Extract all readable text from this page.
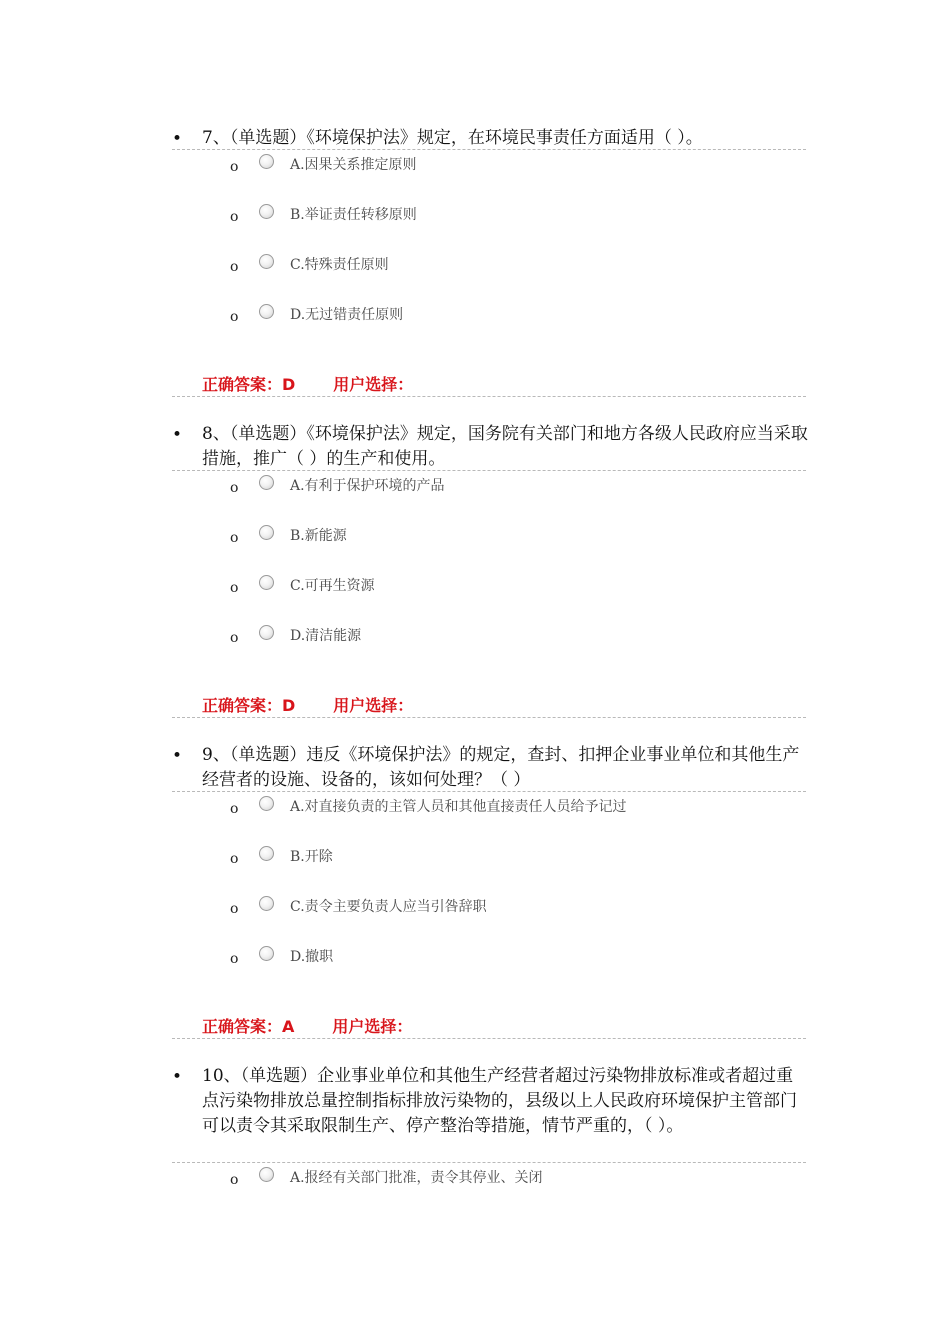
• 7、（单选题）《环境保护法》规定，在环境民事责任方面适用（ ）。
o	A.因果关系推定原则
o	B.举证责任转移原则
o	C.特殊责任原则
o	D.无过错责任原则
正确答案：D 用户选择：
• 8、（单选题）《环境保护法》规定，国务院有关部门和地方各级人民政府应当采取措施，推广（ ）的生产和使用。
o	A.有利于保护环境的产品
o	B.新能源
o	C.可再生资源
o	D.清洁能源
正确答案：D 用户选择：
• 9、（单选题）违反《环境保护法》的规定，查封、扣押企业事业单位和其他生产经营者的设施、设备的，该如何处理？（ ）
o	A.对直接负责的主管人员和其他直接责任人员给予记过
o	B.开除
o	C.责令主要负责人应当引咎辞职
o	D.撤职
正确答案：A 用户选择：
• 10、（单选题）企业事业单位和其他生产经营者超过污染物排放标准或者超过重点污染物排放总量控制指标排放污染物的，县级以上人民政府环境保护主管部门可以责令其采取限制生产、停产整治等措施，情节严重的，（ ）。
o	A.报经有关部门批准，责令其停业、关闭
